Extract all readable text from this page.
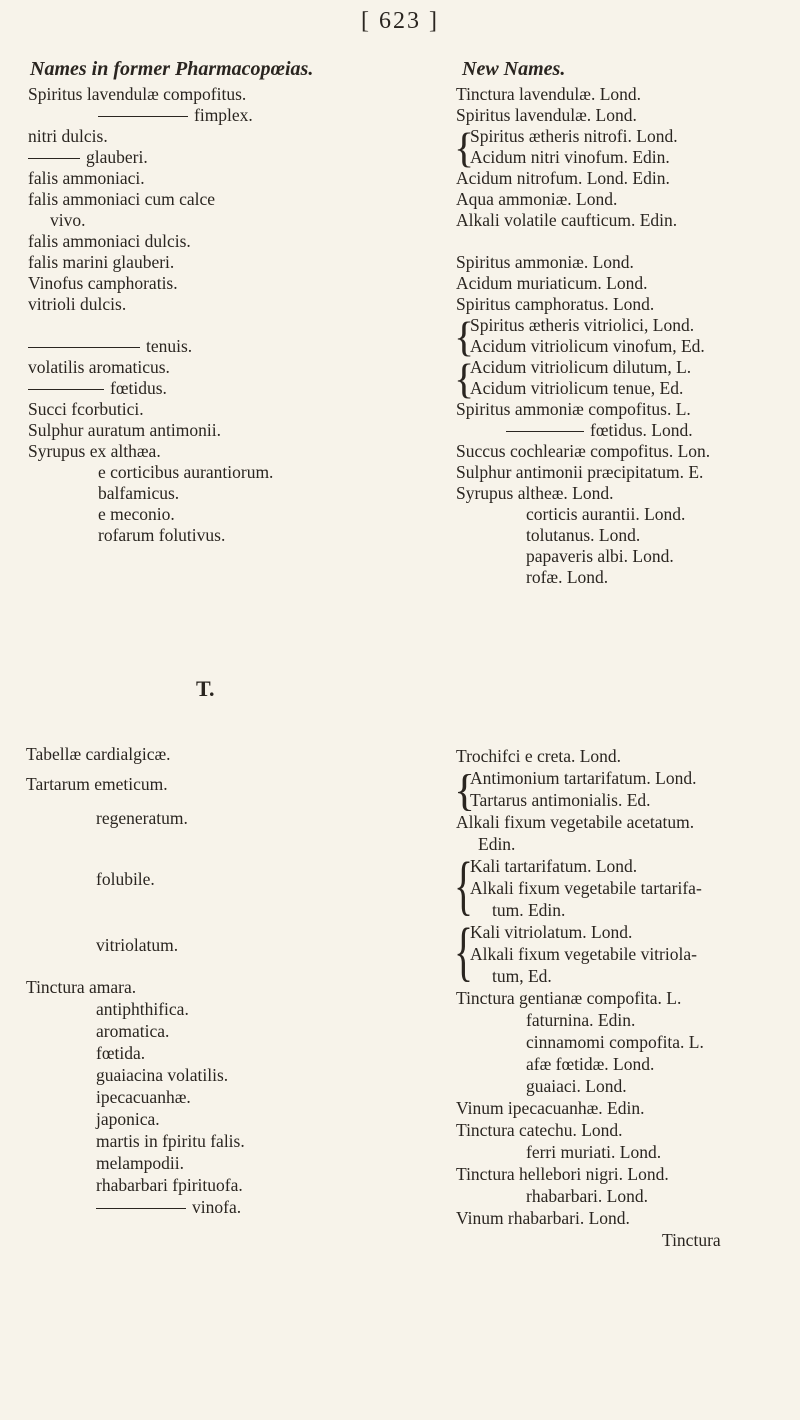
[ 623 ]
Names in former Pharmacopœias.	New Names.
Spiritus lavendulæ compofitus.
fimplex.
nitri dulcis.
glauberi.
falis ammoniaci.
falis ammoniaci cum calce
vivo.
falis ammoniaci dulcis.
falis marini glauberi.
Vinofus camphoratis.
vitrioli dulcis.
tenuis.
volatilis aromaticus.
fœtidus.
Succi fcorbutici.
Sulphur auratum antimonii.
Syrupus ex althæa.
e corticibus aurantiorum.
balfamicus.
e meconio.
rofarum folutivus.
Tinctura lavendulæ. Lond.
Spiritus lavendulæ. Lond.
Spiritus ætheris nitrofi. Lond.
{
Acidum nitri vinofum. Edin.
Acidum nitrofum. Lond. Edin.
Aqua ammoniæ. Lond.
Alkali volatile caufticum. Edin.
Spiritus ammoniæ. Lond.
Acidum muriaticum. Lond.
Spiritus camphoratus. Lond.
Spiritus ætheris vitriolici, Lond.
{
Acidum vitriolicum vinofum, Ed.
Acidum vitriolicum dilutum, L.
{
Acidum vitriolicum tenue, Ed.
Spiritus ammoniæ compofitus. L.
fœtidus. Lond.
Succus cochleariæ compofitus. Lon.
Sulphur antimonii præcipitatum. E.
Syrupus altheæ. Lond.
corticis aurantii. Lond.
tolutanus. Lond.
papaveris albi. Lond.
rofæ. Lond.
T.
Tabellæ cardialgicæ.
Tartarum emeticum.
regeneratum.
folubile.
vitriolatum.
Tinctura amara.
antiphthifica.
aromatica.
fœtida.
guaiacina volatilis.
ipecacuanhæ.
japonica.
martis in fpiritu falis.
melampodii.
rhabarbari fpirituofa.
vinofa.
Trochifci e creta. Lond.
Antimonium tartarifatum. Lond.
{
Tartarus antimonialis. Ed.
Alkali fixum vegetabile acetatum.
Edin.
Kali tartarifatum. Lond.
{
Alkali fixum vegetabile tartarifa-
tum. Edin.
Kali vitriolatum. Lond.
{
Alkali fixum vegetabile vitriola-
tum, Ed.
Tinctura gentianæ compofita. L.
faturnina. Edin.
cinnamomi compofita. L.
afæ fœtidæ. Lond.
guaiaci. Lond.
Vinum ipecacuanhæ. Edin.
Tinctura catechu. Lond.
ferri muriati. Lond.
Tinctura hellebori nigri. Lond.
rhabarbari. Lond.
Vinum rhabarbari. Lond.
Tinctura
